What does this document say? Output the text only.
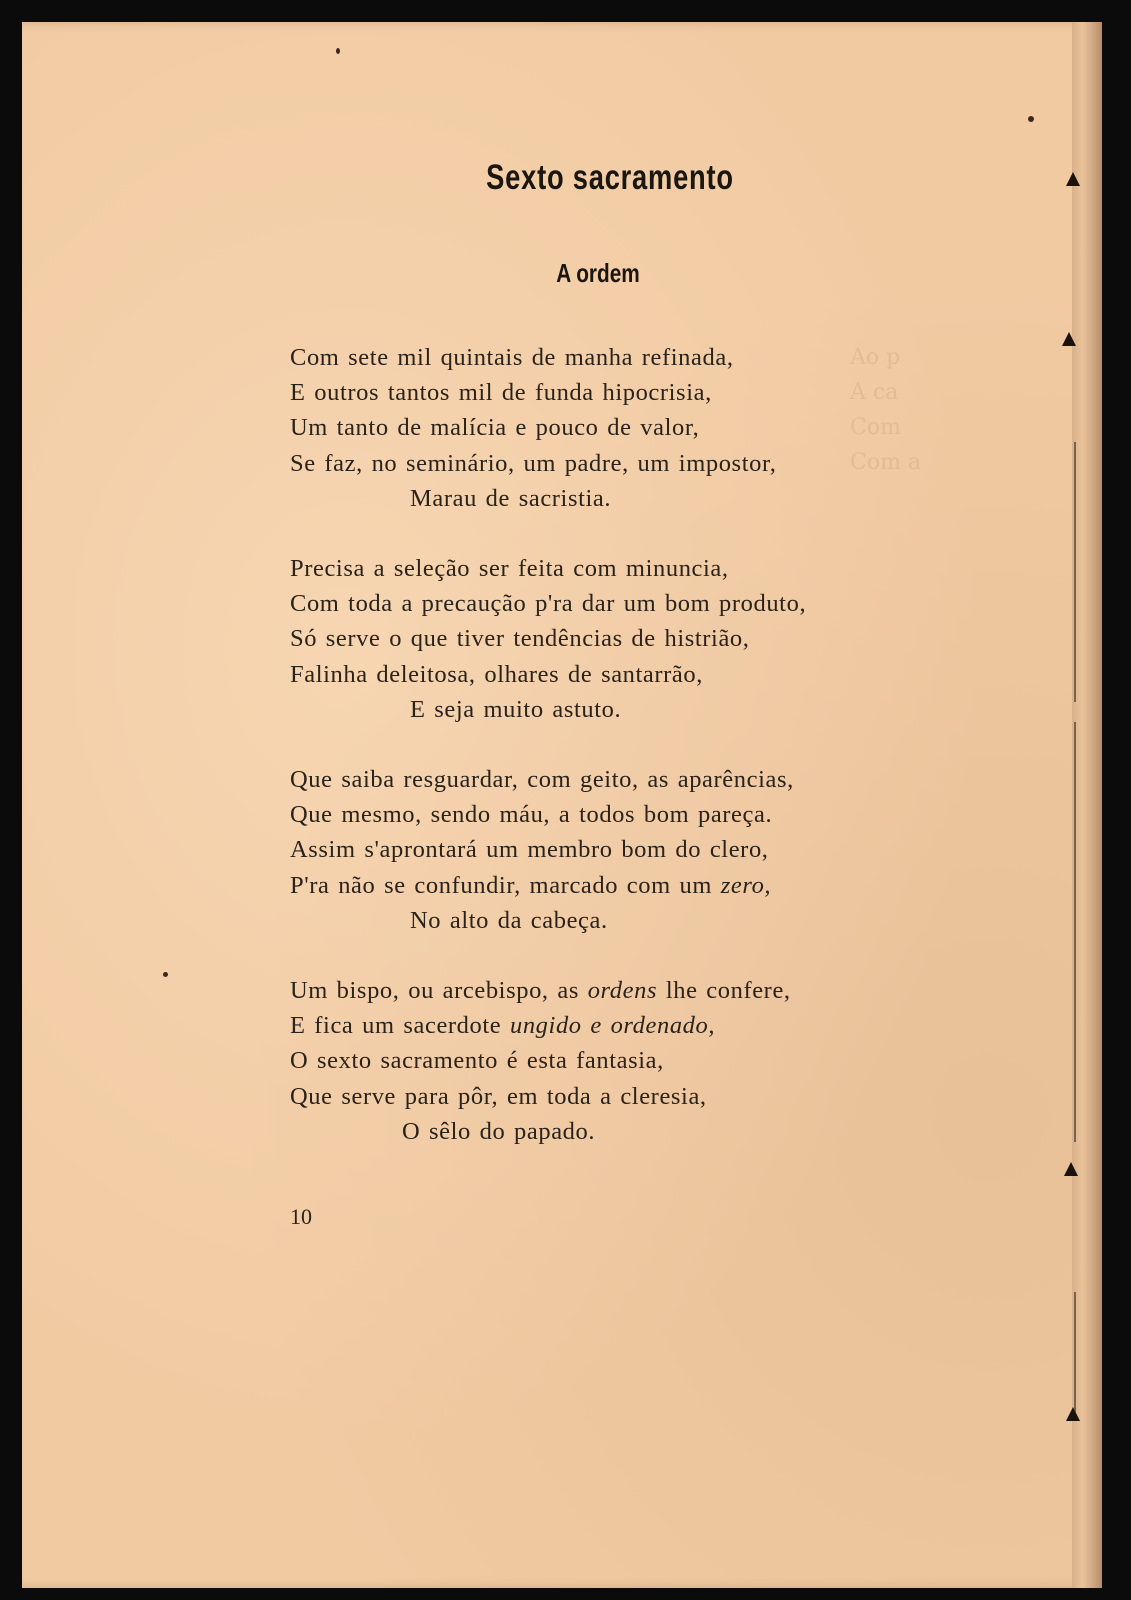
Ao p
A ca
Com
Com a
Sexto sacramento
A ordem
Com sete mil quintais de manha refinada,
E outros tantos mil de funda hipocrisia,
Um tanto de malícia e pouco de valor,
Se faz, no seminário, um padre, um impostor,
Marau de sacristia.
Precisa a seleção ser feita com minuncia,
Com toda a precaução p'ra dar um bom produto,
Só serve o que tiver tendências de histrião,
Falinha deleitosa, olhares de santarrão,
E seja muito astuto.
Que saiba resguardar, com geito, as aparências,
Que mesmo, sendo máu, a todos bom pareça.
Assim s'aprontará um membro bom do clero,
P'ra não se confundir, marcado com um zero,
No alto da cabeça.
Um bispo, ou arcebispo, as ordens lhe confere,
E fica um sacerdote ungido e ordenado,
O sexto sacramento é esta fantasia,
Que serve para pôr, em toda a cleresia,
O sêlo do papado.
10
